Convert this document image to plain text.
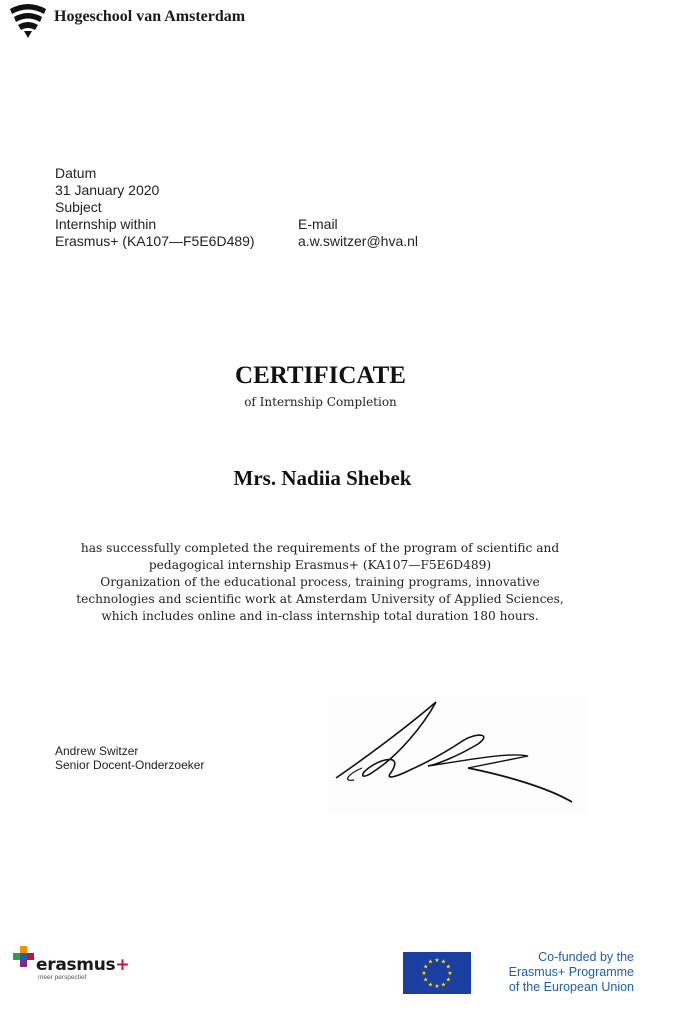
Hogeschool van Amsterdam
Datum
31 January 2020
Subject
Internship within
Erasmus+ (KA107—F5E6D489)
E-mail
a.w.switzer@hva.nl
CERTIFICATE
of Internship Completion
Mrs. Nadiia Shebek
has successfully completed the requirements of the program of scientific and
pedagogical internship Erasmus+ (KA107—F5E6D489)
Organization of the educational process, training programs, innovative
technologies and scientific work at Amsterdam University of Applied Sciences,
which includes online and in-class internship total duration 180 hours.
Andrew Switzer
Senior Docent-Onderzoeker
erasmus+
meer perspectief
★ ★
★
★
★
★
★
★
★
★
★
★	Co-funded by the
Erasmus+ Programme
of the European Union
